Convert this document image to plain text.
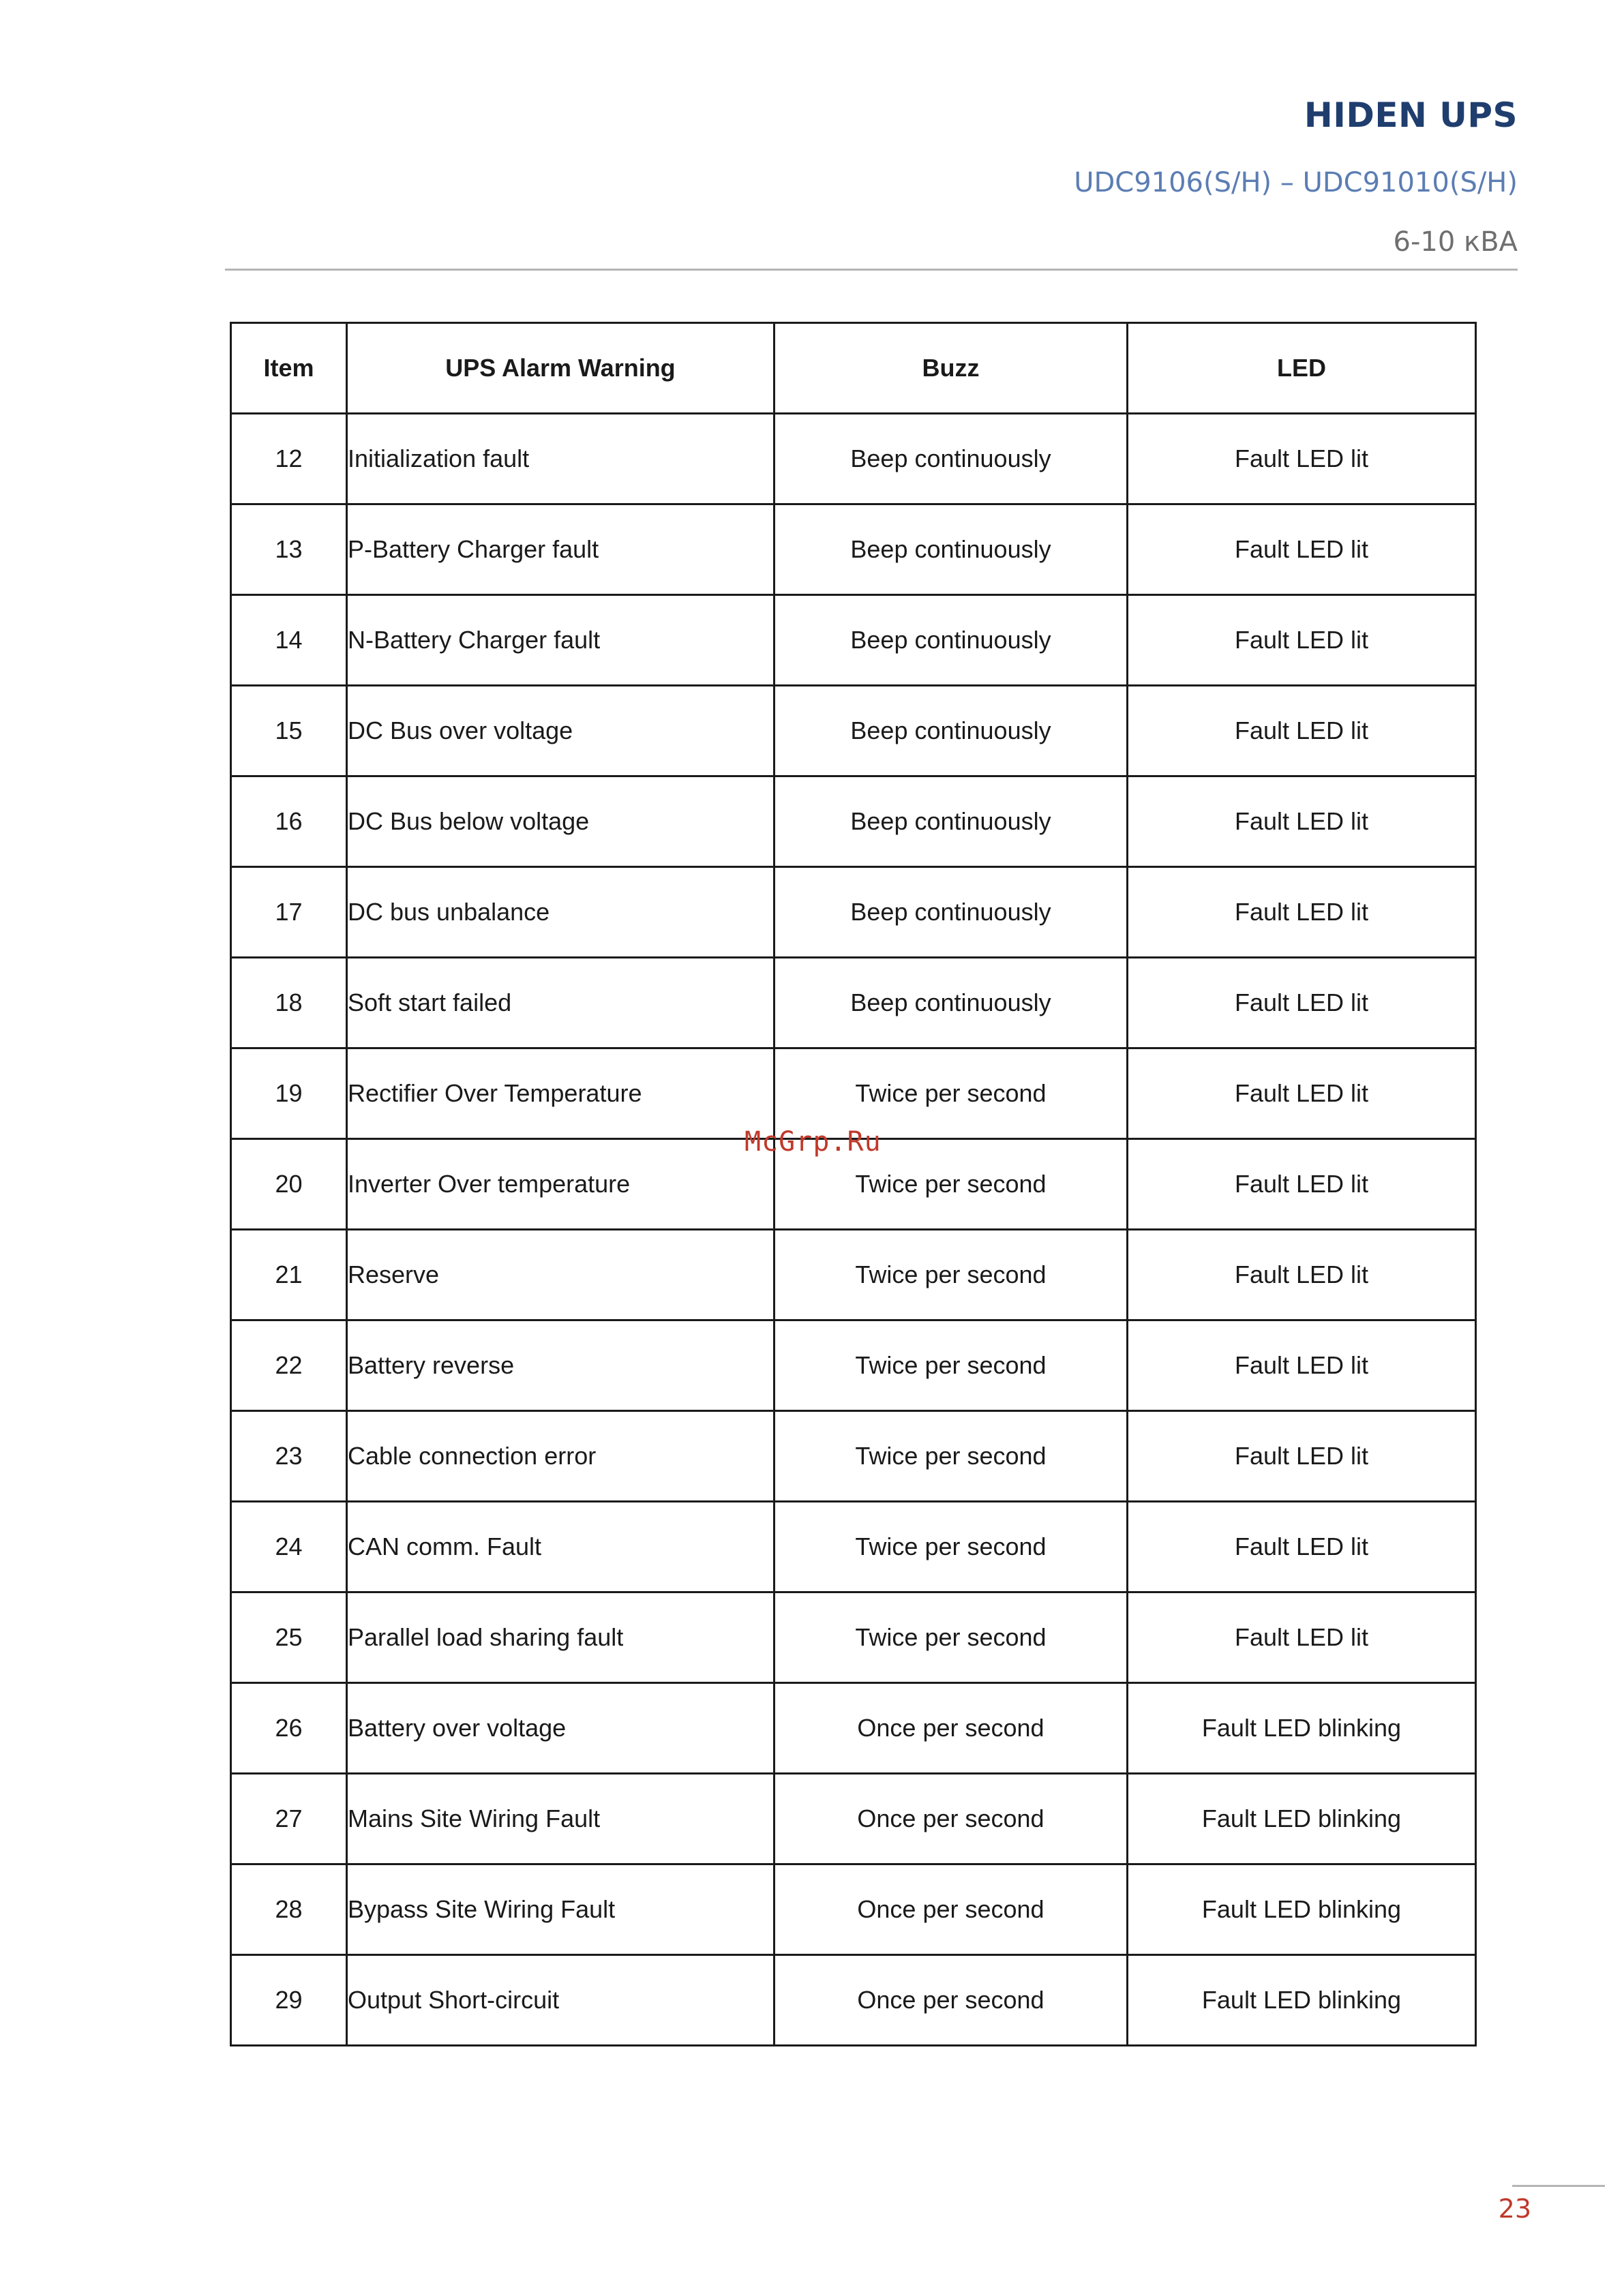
HIDEN UPS
UDC9106(S/H) – UDC91010(S/H)
6-10 кВА
Item	UPS Alarm Warning	Buzz	LED
12	Initialization fault	Beep continuously	Fault LED lit
13	P-Battery Charger fault	Beep continuously	Fault LED lit
14	N-Battery Charger fault	Beep continuously	Fault LED lit
15	DC Bus over voltage	Beep continuously	Fault LED lit
16	DC Bus below voltage	Beep continuously	Fault LED lit
17	DC bus unbalance	Beep continuously	Fault LED lit
18	Soft start failed	Beep continuously	Fault LED lit
19	Rectifier Over Temperature	Twice per second	Fault LED lit
20	Inverter Over temperature	Twice per second	Fault LED lit
21	Reserve	Twice per second	Fault LED lit
22	Battery reverse	Twice per second	Fault LED lit
23	Cable connection error	Twice per second	Fault LED lit
24	CAN comm. Fault	Twice per second	Fault LED lit
25	Parallel load sharing fault	Twice per second	Fault LED lit
26	Battery over voltage	Once per second	Fault LED blinking
27	Mains Site Wiring Fault	Once per second	Fault LED blinking
28	Bypass Site Wiring Fault	Once per second	Fault LED blinking
29	Output Short-circuit	Once per second	Fault LED blinking
McGrp.Ru
23
